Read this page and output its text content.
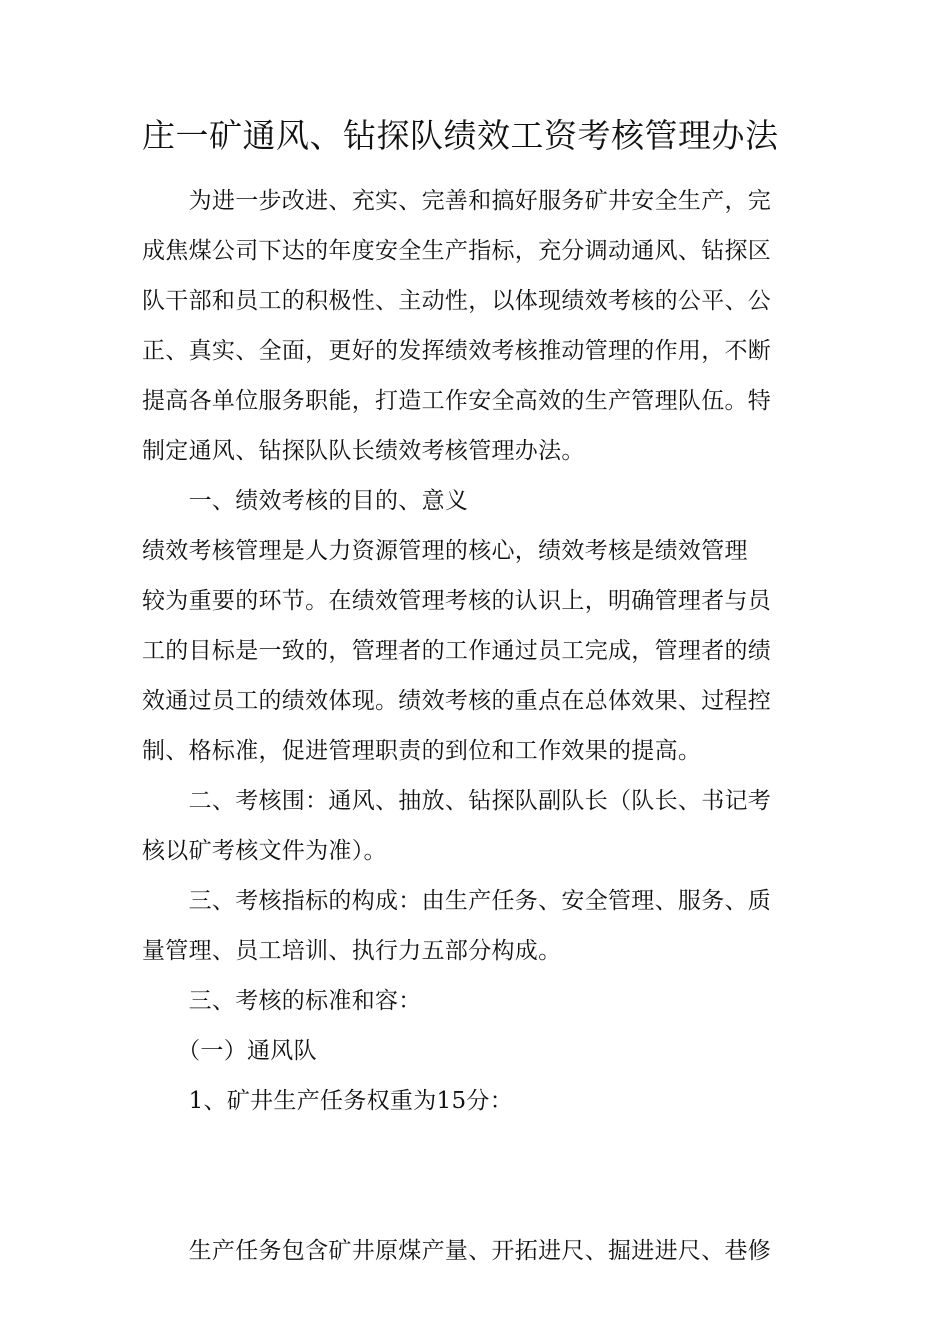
庄一矿通风、钻探队绩效工资考核管理办法
　　为进一步改进、充实、完善和搞好服务矿井安全生产，完
成焦煤公司下达的年度安全生产指标，充分调动通风、钻探区
队干部和员工的积极性、主动性，以体现绩效考核的公平、公
正、真实、全面，更好的发挥绩效考核推动管理的作用，不断
提高各单位服务职能，打造工作安全高效的生产管理队伍。特
制定通风、钻探队队长绩效考核管理办法。
　　一、绩效考核的目的、意义
绩效考核管理是人力资源管理的核心，绩效考核是绩效管理
较为重要的环节。在绩效管理考核的认识上，明确管理者与员
工的目标是一致的，管理者的工作通过员工完成，管理者的绩
效通过员工的绩效体现。绩效考核的重点在总体效果、过程控
制、格标准，促进管理职责的到位和工作效果的提高。
　　二、考核围：通风、抽放、钻探队副队长（队长、书记考
核以矿考核文件为准）。
　　三、考核指标的构成：由生产任务、安全管理、服务、质
量管理、员工培训、执行力五部分构成。
　　三、考核的标准和容：
　　（一）通风队
　　1、矿井生产任务权重为15分：
　　生产任务包含矿井原煤产量、开拓进尺、掘进进尺、巷修
